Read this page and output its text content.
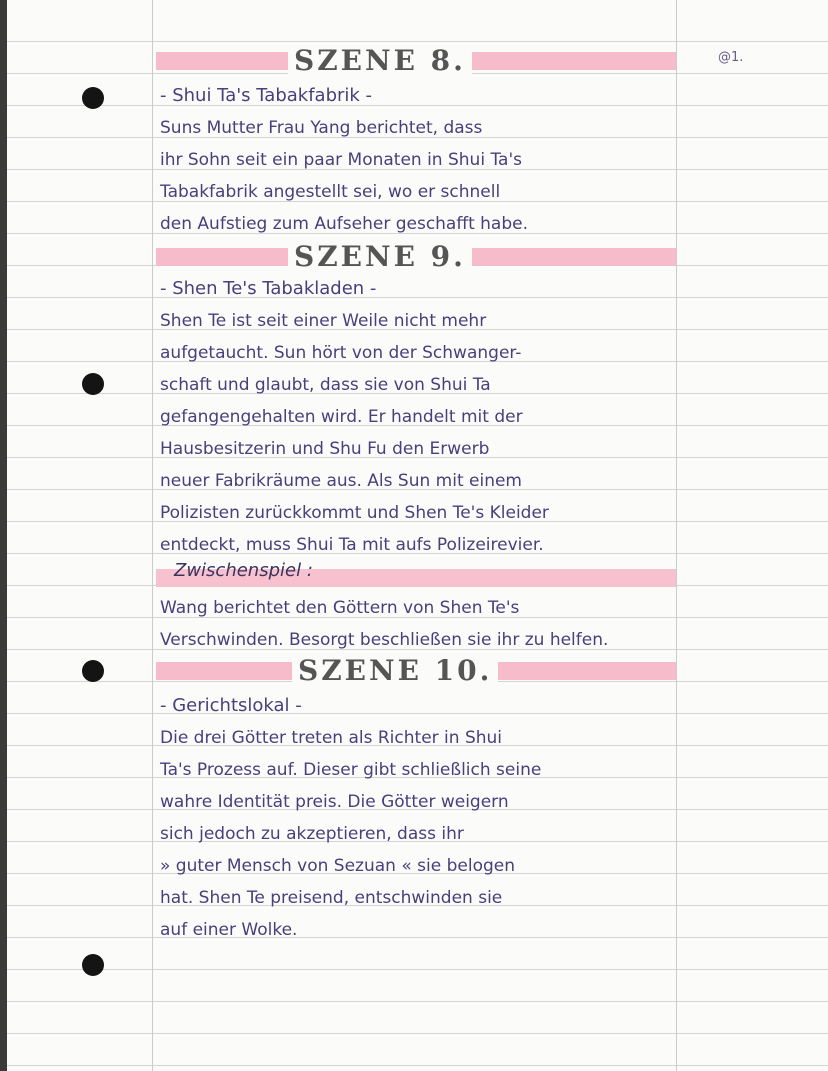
@1.
SZENE 8.
- Shui Ta's Tabakfabrik -
Suns Mutter Frau Yang berichtet, dass
ihr Sohn seit ein paar Monaten in Shui Ta's
Tabakfabrik angestellt sei, wo er schnell
den Aufstieg zum Aufseher geschafft habe.
SZENE 9.
- Shen Te's Tabakladen -
Shen Te ist seit einer Weile nicht mehr
aufgetaucht. Sun hört von der Schwanger-
schaft und glaubt, dass sie von Shui Ta
gefangengehalten wird. Er handelt mit der
Hausbesitzerin und Shu Fu den Erwerb
neuer Fabrikräume aus. Als Sun mit einem
Polizisten zurückkommt und Shen Te's Kleider
entdeckt, muss Shui Ta mit aufs Polizeirevier.
Zwischenspiel :
Wang berichtet den Göttern von Shen Te's
Verschwinden. Besorgt beschließen sie ihr zu helfen.
SZENE 10.
- Gerichtslokal -
Die drei Götter treten als Richter in Shui
Ta's Prozess auf. Dieser gibt schließlich seine
wahre Identität preis. Die Götter weigern
sich jedoch zu akzeptieren, dass ihr
» guter Mensch von Sezuan « sie belogen
hat. Shen Te preisend, entschwinden sie
auf einer Wolke.
